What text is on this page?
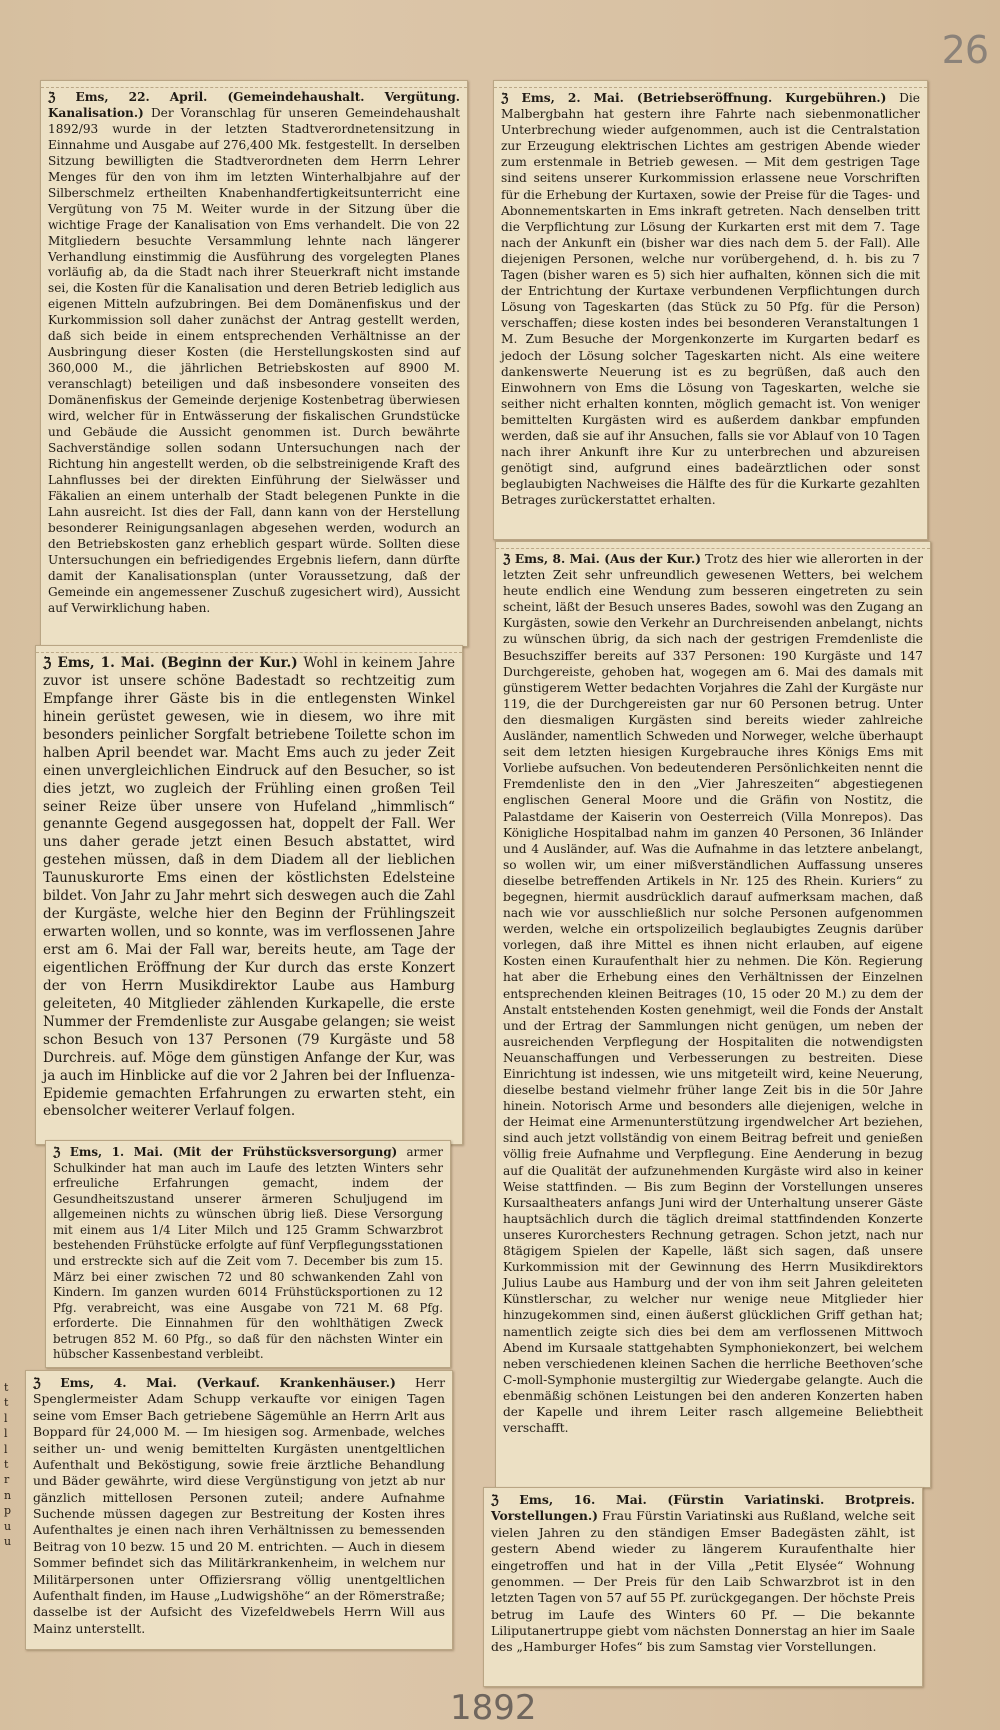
26
t
t
l
l
l
t
r
n
p
u
u

ℨ Ems, 22. April. (Gemeindehaushalt. Vergütung. Kanalisation.) Der Voranschlag für unseren Gemeindehaushalt 1892/93 wurde in der letzten Stadtverordnetensitzung in Einnahme und Ausgabe auf 276,400 Mk. festgestellt. In derselben Sitzung bewilligten die Stadtverordneten dem Herrn Lehrer Menges für den von ihm im letzten Winterhalbjahre auf der Silberschmelz ertheilten Knabenhandfertigkeitsunterricht eine Vergütung von 75 M. Weiter wurde in der Sitzung über die wichtige Frage der Kanalisation von Ems verhandelt. Die von 22 Mitgliedern besuchte Versammlung lehnte nach längerer Verhandlung einstimmig die Ausführung des vorgelegten Planes vorläufig ab, da die Stadt nach ihrer Steuerkraft nicht imstande sei, die Kosten für die Kanalisation und deren Betrieb lediglich aus eigenen Mitteln aufzubringen. Bei dem Domänenfiskus und der Kurkommission soll daher zunächst der Antrag gestellt werden, daß sich beide in einem entsprechenden Verhältnisse an der Ausbringung dieser Kosten (die Herstellungskosten sind auf 360,000 M., die jährlichen Betriebskosten auf 8900 M. veranschlagt) beteiligen und daß insbesondere vonseiten des Domänenfiskus der Gemeinde derjenige Kostenbetrag überwiesen wird, welcher für in Entwässerung der fiskalischen Grundstücke und Gebäude die Aussicht genommen ist. Durch bewährte Sachverständige sollen sodann Untersuchungen nach der Richtung hin angestellt werden, ob die selbstreinigende Kraft des Lahnflusses bei der direkten Einführung der Sielwässer und Fäkalien an einem unterhalb der Stadt belegenen Punkte in die Lahn ausreicht. Ist dies der Fall, dann kann von der Herstellung besonderer Reinigungsanlagen abgesehen werden, wodurch an den Betriebskosten ganz erheblich gespart würde. Sollten diese Untersuchungen ein befriedigendes Ergebnis liefern, dann dürfte damit der Kanalisationsplan (unter Voraussetzung, daß der Gemeinde ein angemessener Zuschuß zugesichert wird), Aussicht auf Verwirklichung haben.

ℨ Ems, 1. Mai. (Beginn der Kur.) Wohl in keinem Jahre zuvor ist unsere schöne Badestadt so rechtzeitig zum Empfange ihrer Gäste bis in die entlegensten Winkel hinein gerüstet gewesen, wie in diesem, wo ihre mit besonders peinlicher Sorgfalt betriebene Toilette schon im halben April beendet war. Macht Ems auch zu jeder Zeit einen unvergleichlichen Eindruck auf den Besucher, so ist dies jetzt, wo zugleich der Frühling einen großen Teil seiner Reize über unsere von Hufeland „himmlisch“ genannte Gegend ausgegossen hat, doppelt der Fall. Wer uns daher gerade jetzt einen Besuch abstattet, wird gestehen müssen, daß in dem Diadem all der lieblichen Taunuskurorte Ems einen der köstlichsten Edelsteine bildet. Von Jahr zu Jahr mehrt sich deswegen auch die Zahl der Kurgäste, welche hier den Beginn der Frühlingszeit erwarten wollen, und so konnte, was im verflossenen Jahre erst am 6. Mai der Fall war, bereits heute, am Tage der eigentlichen Eröffnung der Kur durch das erste Konzert der von Herrn Musikdirektor Laube aus Hamburg geleiteten, 40 Mitglieder zählenden Kurkapelle, die erste Nummer der Fremdenliste zur Ausgabe gelangen; sie weist schon Besuch von 137 Personen (79 Kurgäste und 58 Durchreis. auf. Möge dem günstigen Anfange der Kur, was ja auch im Hinblicke auf die vor 2 Jahren bei der Influenza-Epidemie gemachten Erfahrungen zu erwarten steht, ein ebensolcher weiterer Verlauf folgen.

ℨ Ems, 1. Mai. (Mit der Frühstücksversorgung) armer Schulkinder hat man auch im Laufe des letzten Winters sehr erfreuliche Erfahrungen gemacht, indem der Gesundheitszustand unserer ärmeren Schuljugend im allgemeinen nichts zu wünschen übrig ließ. Diese Versorgung mit einem aus 1/4 Liter Milch und 125 Gramm Schwarzbrot bestehenden Frühstücke erfolgte auf fünf Verpflegungsstationen und erstreckte sich auf die Zeit vom 7. December bis zum 15. März bei einer zwischen 72 und 80 schwankenden Zahl von Kindern. Im ganzen wurden 6014 Frühstücksportionen zu 12 Pfg. verabreicht, was eine Ausgabe von 721 M. 68 Pfg. erforderte. Die Einnahmen für den wohlthätigen Zweck betrugen 852 M. 60 Pfg., so daß für den nächsten Winter ein hübscher Kassenbestand verbleibt.

ℨ Ems, 4. Mai. (Verkauf. Krankenhäuser.) Herr Spenglermeister Adam Schupp verkaufte vor einigen Tagen seine vom Emser Bach getriebene Sägemühle an Herrn Arlt aus Boppard für 24,000 M. — Im hiesigen sog. Armenbade, welches seither un- und wenig bemittelten Kurgästen unentgeltlichen Aufenthalt und Beköstigung, sowie freie ärztliche Behandlung und Bäder gewährte, wird diese Vergünstigung von jetzt ab nur gänzlich mittellosen Personen zuteil; andere Aufnahme Suchende müssen dagegen zur Bestreitung der Kosten ihres Aufenthaltes je einen nach ihren Verhältnissen zu bemessenden Beitrag von 10 bezw. 15 und 20 M. entrichten. — Auch in diesem Sommer befindet sich das Militärkrankenheim, in welchem nur Militärpersonen unter Offiziersrang völlig unentgeltlichen Aufenthalt finden, im Hause „Ludwigshöhe“ an der Römerstraße; dasselbe ist der Aufsicht des Vizefeldwebels Herrn Will aus Mainz unterstellt.

ℨ Ems, 2. Mai. (Betriebseröffnung. Kurgebühren.) Die Malbergbahn hat gestern ihre Fahrte nach siebenmonatlicher Unterbrechung wieder aufgenommen, auch ist die Centralstation zur Erzeugung elektrischen Lichtes am gestrigen Abende wieder zum erstenmale in Betrieb gewesen. — Mit dem gestrigen Tage sind seitens unserer Kurkommission erlassene neue Vorschriften für die Erhebung der Kurtaxen, sowie der Preise für die Tages- und Abonnementskarten in Ems inkraft getreten. Nach denselben tritt die Verpflichtung zur Lösung der Kurkarten erst mit dem 7. Tage nach der Ankunft ein (bisher war dies nach dem 5. der Fall). Alle diejenigen Personen, welche nur vorübergehend, d. h. bis zu 7 Tagen (bisher waren es 5) sich hier aufhalten, können sich die mit der Entrichtung der Kurtaxe verbundenen Verpflichtungen durch Lösung von Tageskarten (das Stück zu 50 Pfg. für die Person) verschaffen; diese kosten indes bei besonderen Veranstaltungen 1 M. Zum Besuche der Morgenkonzerte im Kurgarten bedarf es jedoch der Lösung solcher Tageskarten nicht. Als eine weitere dankenswerte Neuerung ist es zu begrüßen, daß auch den Einwohnern von Ems die Lösung von Tageskarten, welche sie seither nicht erhalten konnten, möglich gemacht ist. Von weniger bemittelten Kurgästen wird es außerdem dankbar empfunden werden, daß sie auf ihr Ansuchen, falls sie vor Ablauf von 10 Tagen nach ihrer Ankunft ihre Kur zu unterbrechen und abzureisen genötigt sind, aufgrund eines badeärztlichen oder sonst beglaubigten Nachweises die Hälfte des für die Kurkarte gezahlten Betrages zurückerstattet erhalten.

ℨ Ems, 8. Mai. (Aus der Kur.) Trotz des hier wie allerorten in der letzten Zeit sehr unfreundlich gewesenen Wetters, bei welchem heute endlich eine Wendung zum besseren eingetreten zu sein scheint, läßt der Besuch unseres Bades, sowohl was den Zugang an Kurgästen, sowie den Verkehr an Durchreisenden anbelangt, nichts zu wünschen übrig, da sich nach der gestrigen Fremdenliste die Besuchsziffer bereits auf 337 Personen: 190 Kurgäste und 147 Durchgereiste, gehoben hat, wogegen am 6. Mai des damals mit günstigerem Wetter bedachten Vorjahres die Zahl der Kurgäste nur 119, die der Durchgereisten gar nur 60 Personen betrug. Unter den diesmaligen Kurgästen sind bereits wieder zahlreiche Ausländer, namentlich Schweden und Norweger, welche überhaupt seit dem letzten hiesigen Kurgebrauche ihres Königs Ems mit Vorliebe aufsuchen. Von bedeutenderen Persönlichkeiten nennt die Fremdenliste den in den „Vier Jahreszeiten“ abgestiegenen englischen General Moore und die Gräfin von Nostitz, die Palastdame der Kaiserin von Oesterreich (Villa Monrepos). Das Königliche Hospitalbad nahm im ganzen 40 Personen, 36 Inländer und 4 Ausländer, auf. Was die Aufnahme in das letztere anbelangt, so wollen wir, um einer mißverständlichen Auffassung unseres dieselbe betreffenden Artikels in Nr. 125 des Rhein. Kuriers“ zu begegnen, hiermit ausdrücklich darauf aufmerksam machen, daß nach wie vor ausschließlich nur solche Personen aufgenommen werden, welche ein ortspolizeilich beglaubigtes Zeugnis darüber vorlegen, daß ihre Mittel es ihnen nicht erlauben, auf eigene Kosten einen Kuraufenthalt hier zu nehmen. Die Kön. Regierung hat aber die Erhebung eines den Verhältnissen der Einzelnen entsprechenden kleinen Beitrages (10, 15 oder 20 M.) zu dem der Anstalt entstehenden Kosten genehmigt, weil die Fonds der Anstalt und der Ertrag der Sammlungen nicht genügen, um neben der ausreichenden Verpflegung der Hospitaliten die notwendigsten Neuanschaffungen und Verbesserungen zu bestreiten. Diese Einrichtung ist indessen, wie uns mitgeteilt wird, keine Neuerung, dieselbe bestand vielmehr früher lange Zeit bis in die 50r Jahre hinein. Notorisch Arme und besonders alle diejenigen, welche in der Heimat eine Armenunterstützung irgendwelcher Art beziehen, sind auch jetzt vollständig von einem Beitrag befreit und genießen völlig freie Aufnahme und Verpflegung. Eine Aenderung in bezug auf die Qualität der aufzunehmenden Kurgäste wird also in keiner Weise stattfinden. — Bis zum Beginn der Vorstellungen unseres Kursaaltheaters anfangs Juni wird der Unterhaltung unserer Gäste hauptsächlich durch die täglich dreimal stattfindenden Konzerte unseres Kurorchesters Rechnung getragen. Schon jetzt, nach nur 8tägigem Spielen der Kapelle, läßt sich sagen, daß unsere Kurkommission mit der Gewinnung des Herrn Musikdirektors Julius Laube aus Hamburg und der von ihm seit Jahren geleiteten Künstlerschar, zu welcher nur wenige neue Mitglieder hier hinzugekommen sind, einen äußerst glücklichen Griff gethan hat; namentlich zeigte sich dies bei dem am verflossenen Mittwoch Abend im Kursaale stattgehabten Symphoniekonzert, bei welchem neben verschiedenen kleinen Sachen die herrliche Beethoven’sche C-moll-Symphonie mustergiltig zur Wiedergabe gelangte. Auch die ebenmäßig schönen Leistungen bei den anderen Konzerten haben der Kapelle und ihrem Leiter rasch allgemeine Beliebtheit verschafft.

ℨ Ems, 16. Mai. (Fürstin Variatinski. Brotpreis. Vorstellungen.) Frau Fürstin Variatinski aus Rußland, welche seit vielen Jahren zu den ständigen Emser Badegästen zählt, ist gestern Abend wieder zu längerem Kuraufenthalte hier eingetroffen und hat in der Villa „Petit Elysée“ Wohnung genommen. — Der Preis für den Laib Schwarzbrot ist in den letzten Tagen von 57 auf 55 Pf. zurückgegangen. Der höchste Preis betrug im Laufe des Winters 60 Pf. — Die bekannte Liliputanertruppe giebt vom nächsten Donnerstag an hier im Saale des „Hamburger Hofes“ bis zum Samstag vier Vorstellungen.

1892
